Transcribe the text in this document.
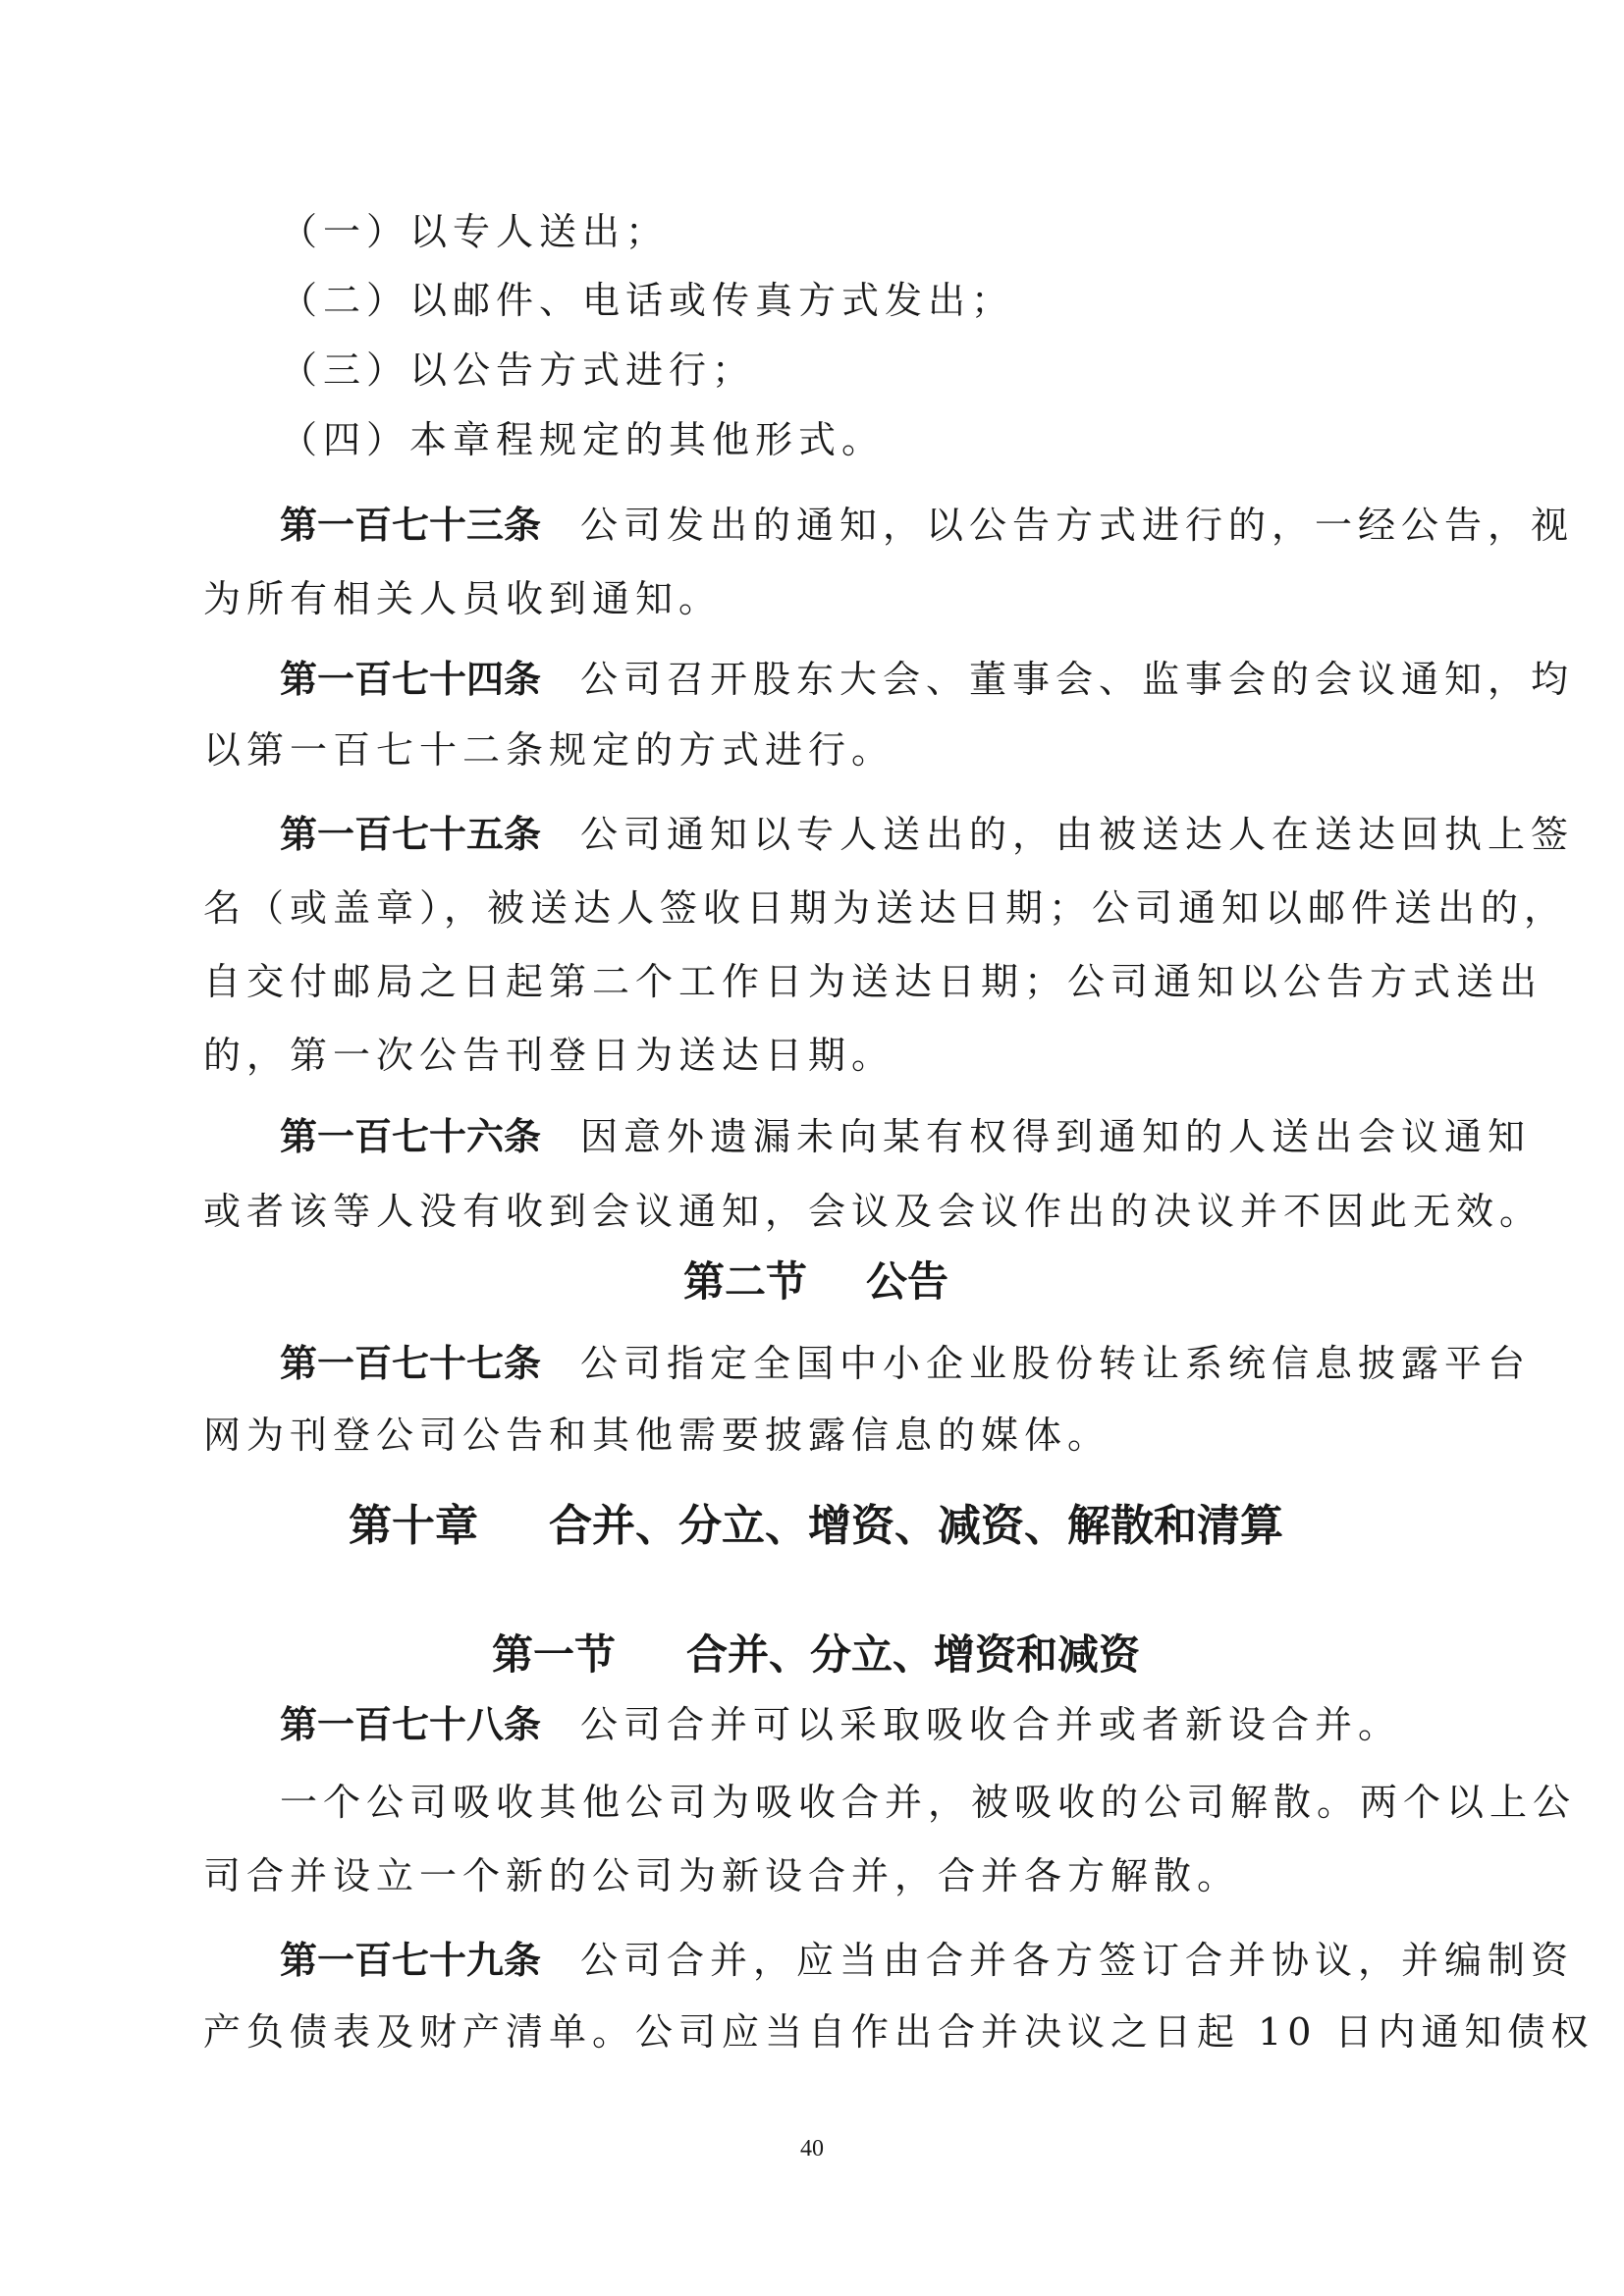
（一）以专人送出；
（二）以邮件、电话或传真方式发出；
（三）以公告方式进行；
（四）本章程规定的其他形式。
第一百七十三条 公司发出的通知，以公告方式进行的，一经公告，视
为所有相关人员收到通知。
第一百七十四条 公司召开股东大会、董事会、监事会的会议通知，均
以第一百七十二条规定的方式进行。
第一百七十五条 公司通知以专人送出的，由被送达人在送达回执上签
名（或盖章），被送达人签收日期为送达日期；公司通知以邮件送出的，
自交付邮局之日起第二个工作日为送达日期；公司通知以公告方式送出
的，第一次公告刊登日为送达日期。
第一百七十六条 因意外遗漏未向某有权得到通知的人送出会议通知
或者该等人没有收到会议通知，会议及会议作出的决议并不因此无效。
第二节 公告
第一百七十七条 公司指定全国中小企业股份转让系统信息披露平台
网为刊登公司公告和其他需要披露信息的媒体。
第十章 合并、分立、增资、减资、解散和清算
第一节 合并、分立、增资和减资
第一百七十八条 公司合并可以采取吸收合并或者新设合并。
一个公司吸收其他公司为吸收合并，被吸收的公司解散。两个以上公
司合并设立一个新的公司为新设合并，合并各方解散。
第一百七十九条 公司合并，应当由合并各方签订合并协议，并编制资
产负债表及财产清单。公司应当自作出合并决议之日起 10 日内通知债权
40
